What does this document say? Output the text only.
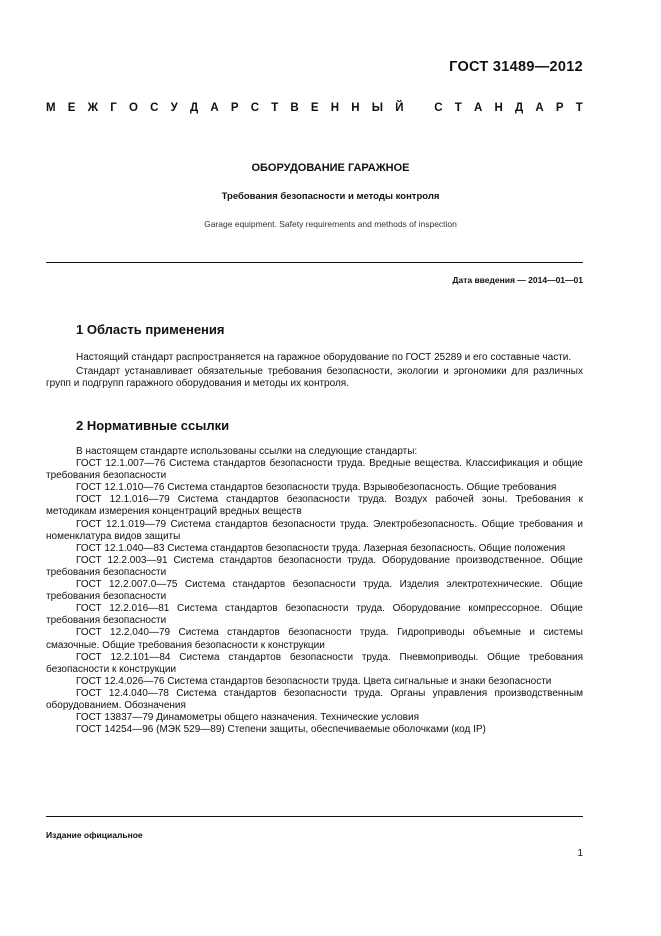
ГОСТ 31489—2012
М Е Ж Г О С У Д А Р С Т В Е Н Н Ы Й
	С Т А Н Д А Р Т
ОБОРУДОВАНИЕ ГАРАЖНОЕ
Требования безопасности и методы контроля
Garage equipment. Safety requirements and methods of inspection
Дата введения — 2014—01—01
1 Область применения

Настоящий стандарт распространяется на гаражное оборудование по ГОСТ 25289 и его составные части.

Стандарт устанавливает обязательные требования безопасности, экологии и эргономики для различных групп и подгрупп гаражного оборудования и методы их контроля.

2 Нормативные ссылки

В настоящем стандарте использованы ссылки на следующие стандарты:

ГОСТ 12.1.007—76 Система стандартов безопасности труда. Вредные вещества. Классификация и общие требования безопасности

ГОСТ 12.1.010—76 Система стандартов безопасности труда. Взрывобезопасность. Общие требования

ГОСТ 12.1.016—79 Система стандартов безопасности труда. Воздух рабочей зоны. Требования к методикам измерения концентраций вредных веществ

ГОСТ 12.1.019—79 Система стандартов безопасности труда. Электробезопасность. Общие требования и номенклатура видов защиты

ГОСТ 12.1.040—83 Система стандартов безопасности труда. Лазерная безопасность. Общие положения

ГОСТ 12.2.003—91 Система стандартов безопасности труда. Оборудование производственное. Общие требования безопасности

ГОСТ 12.2.007.0—75 Система стандартов безопасности труда. Изделия электротехнические. Общие требования безопасности

ГОСТ 12.2.016—81 Система стандартов безопасности труда. Оборудование компрессорное. Общие требования безопасности

ГОСТ 12.2.040—79 Система стандартов безопасности труда. Гидроприводы объемные и системы смазочные. Общие требования безопасности к конструкции

ГОСТ 12.2.101—84 Система стандартов безопасности труда. Пневмоприводы. Общие требования безопасности к конструкции

ГОСТ 12.4.026—76 Система стандартов безопасности труда. Цвета сигнальные и знаки безопасности

ГОСТ 12.4.040—78 Система стандартов безопасности труда. Органы управления производственным оборудованием. Обозначения

ГОСТ 13837—79 Динамометры общего назначения. Технические условия

ГОСТ 14254—96 (МЭК 529—89) Степени защиты, обеспечиваемые оболочками (код IP)

Издание официальное
1
